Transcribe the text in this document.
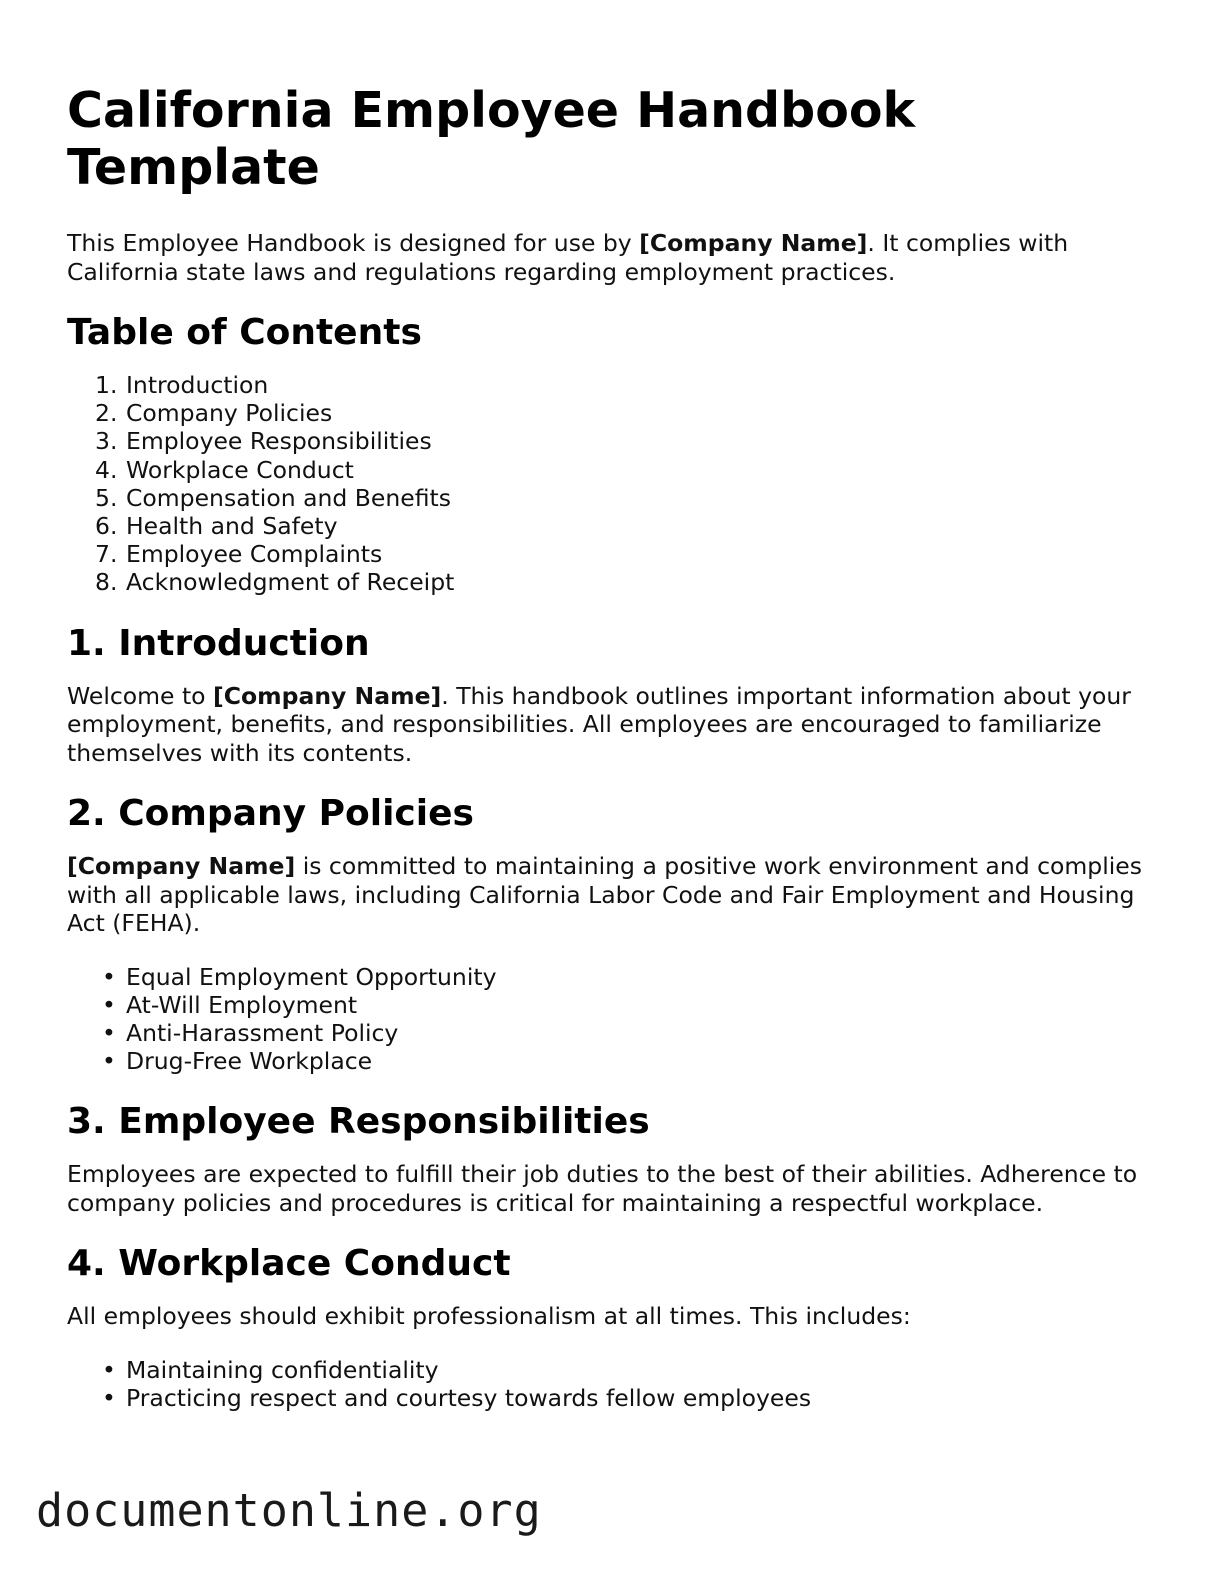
California Employee Handbook Template

This Employee Handbook is designed for use by [Company Name]. It complies with California state laws and regulations regarding employment practices.

Table of Contents
1. Introduction
2. Company Policies
3. Employee Responsibilities
4. Workplace Conduct
5. Compensation and Benefits
6. Health and Safety
7. Employee Complaints
8. Acknowledgment of Receipt
1. Introduction

Welcome to [Company Name]. This handbook outlines important information about your employment, benefits, and responsibilities. All employees are encouraged to familiarize themselves with its contents.

2. Company Policies

[Company Name] is committed to maintaining a positive work environment and complies with all applicable laws, including California Labor Code and Fair Employment and Housing Act (FEHA).

• Equal Employment Opportunity
• At-Will Employment
• Anti-Harassment Policy
• Drug-Free Workplace
3. Employee Responsibilities

Employees are expected to fulfill their job duties to the best of their abilities. Adherence to company policies and procedures is critical for maintaining a respectful workplace.

4. Workplace Conduct

All employees should exhibit professionalism at all times. This includes:

• Maintaining confidentiality
• Practicing respect and courtesy towards fellow employees
documentonline.org
